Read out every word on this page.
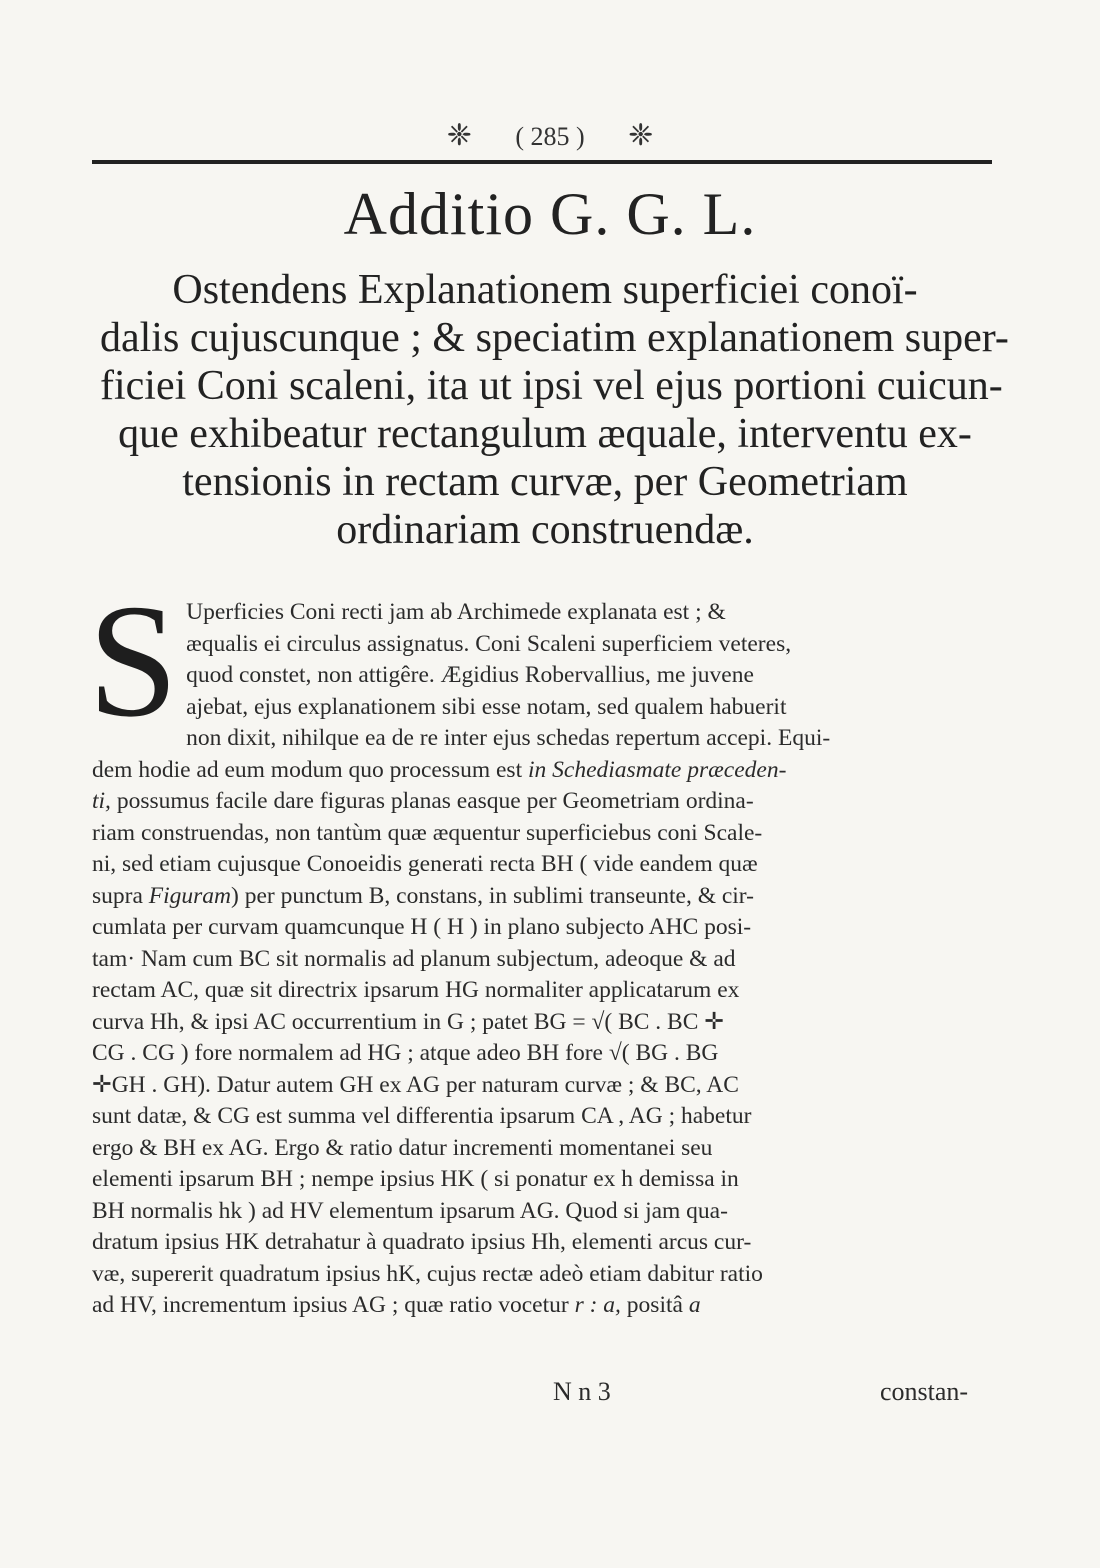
❈ ( 285 ) ❈
Additio G. G. L.
Ostendens Explanationem superficiei conoï-
dalis cujuscunque ; & speciatim explanationem super-
ficiei Coni scaleni, ita ut ipsi vel ejus portioni cuicun-
que exhibeatur rectangulum æquale, interventu ex-
tensionis in rectam curvæ, per Geometriam
ordinariam construendæ.
S Uperficies Coni recti jam ab Archimede explanata est ; &
æqualis ei circulus assignatus. Coni Scaleni superficiem veteres,
quod constet, non attigêre. Ægidius Robervallius, me juvene
ajebat, ejus explanationem sibi esse notam, sed qualem habuerit
non dixit, nihilque ea de re inter ejus schedas repertum accepi. Equi-
dem hodie ad eum modum quo processum est in Schediasmate præceden-
ti, possumus facile dare figuras planas easque per Geometriam ordina-
riam construendas, non tantùm quæ æquentur superficiebus coni Scale-
ni, sed etiam cujusque Conoeidis generati recta BH ( vide eandem quæ
supra Figuram) per punctum B, constans, in sublimi transeunte, & cir-
cumlata per curvam quamcunque H ( H ) in plano subjecto AHC posi-
tam· Nam cum BC sit normalis ad planum subjectum, adeoque & ad
rectam AC, quæ sit directrix ipsarum HG normaliter applicatarum ex
curva Hh, & ipsi AC occurrentium in G ; patet BG = √( BC . BC ✛
CG . CG ) fore normalem ad HG ; atque adeo BH fore √( BG . BG
✛GH . GH). Datur autem GH ex AG per naturam curvæ ; & BC, AC
sunt datæ, & CG est summa vel differentia ipsarum CA , AG ; habetur
ergo & BH ex AG. Ergo & ratio datur incrementi momentanei seu
elementi ipsarum BH ; nempe ipsius HK ( si ponatur ex h demissa in
BH normalis hk ) ad HV elementum ipsarum AG. Quod si jam qua-
dratum ipsius HK detrahatur à quadrato ipsius Hh, elementi arcus cur-
væ, supererit quadratum ipsius hK, cujus rectæ adeò etiam dabitur ratio
ad HV, incrementum ipsius AG ; quæ ratio vocetur r : a, positâ a
N n 3	constan-
